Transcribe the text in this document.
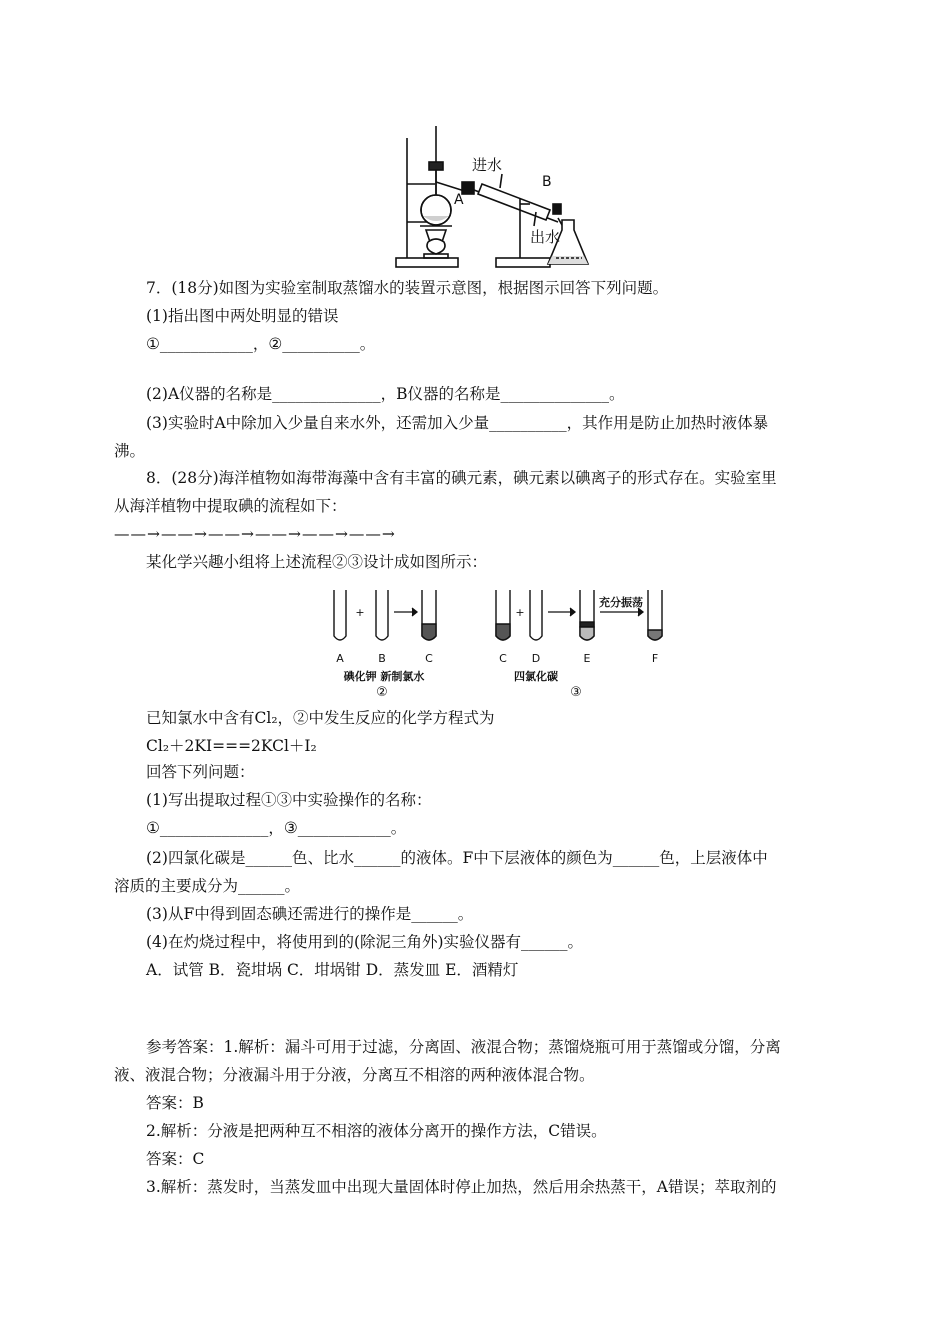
进水
出水
A
B
7．(18分)如图为实验室制取蒸馏水的装置示意图，根据图示回答下列问题。
(1)指出图中两处明显的错误
①____________，②__________。
(2)A仪器的名称是______________，B仪器的名称是______________。
(3)实验时A中除加入少量自来水外，还需加入少量__________，其作用是防止加热时液体暴
沸。
8．(28分)海洋植物如海带海藻中含有丰富的碘元素，碘元素以碘离子的形式存在。实验室里
从海洋植物中提取碘的流程如下：
——→——→——→——→——→——→
某化学兴趣小组将上述流程②③设计成如图所示：
+	+
A	B	C	C D	E	F
充分振荡
碘化钾 新制氯水
②
四氯化碳
③
已知氯水中含有Cl₂，②中发生反应的化学方程式为
Cl₂＋2KI===2KCl＋I₂
回答下列问题：
(1)写出提取过程①③中实验操作的名称：
①______________，③____________。
(2)四氯化碳是______色、比水______的液体。F中下层液体的颜色为______色，上层液体中
溶质的主要成分为______。
(3)从F中得到固态碘还需进行的操作是______。
(4)在灼烧过程中，将使用到的(除泥三角外)实验仪器有______。
A．试管 B．瓷坩埚 C．坩埚钳 D．蒸发皿 E．酒精灯
参考答案：1.解析：漏斗可用于过滤，分离固、液混合物；蒸馏烧瓶可用于蒸馏或分馏，分离
液、液混合物；分液漏斗用于分液，分离互不相溶的两种液体混合物。
答案：B
2.解析：分液是把两种互不相溶的液体分离开的操作方法，C错误。
答案：C
3.解析：蒸发时，当蒸发皿中出现大量固体时停止加热，然后用余热蒸干，A错误；萃取剂的
